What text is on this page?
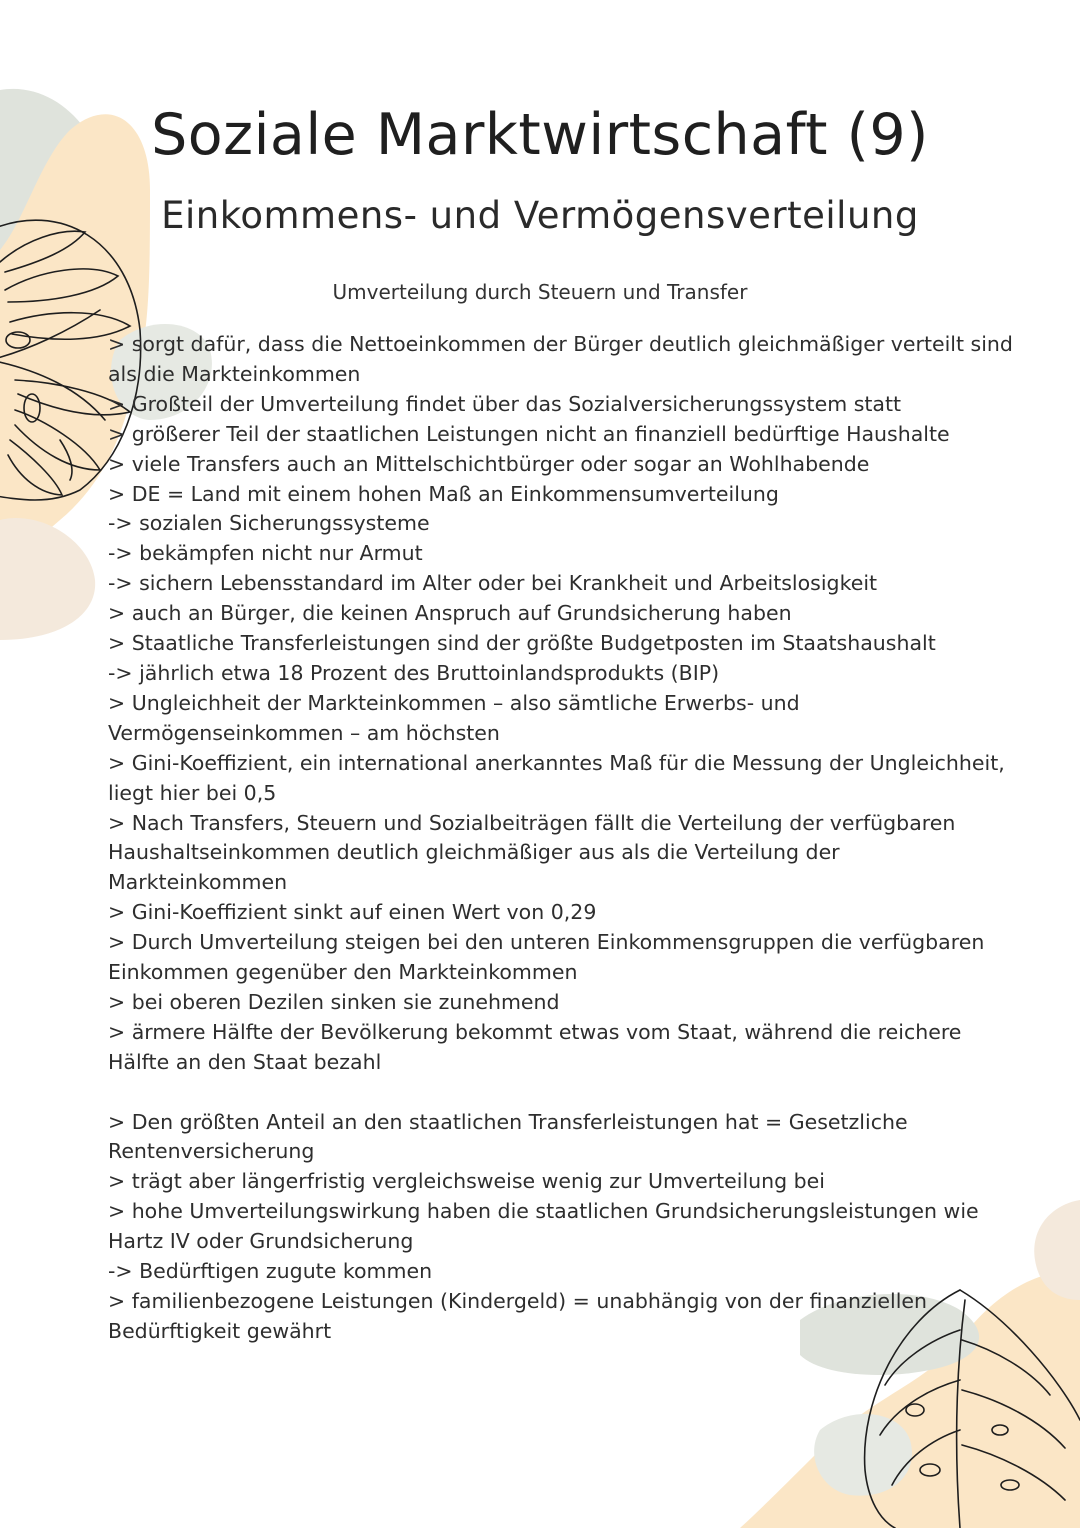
Soziale Marktwirtschaft (9)
Einkommens- und Vermögensverteilung
Umverteilung durch Steuern und Transfer
> sorgt dafür, dass die Nettoeinkommen der Bürger deutlich gleichmäßiger verteilt sind
als die Markteinkommen
> Großteil der Umverteilung findet über das Sozialversicherungssystem statt
> größerer Teil der staatlichen Leistungen nicht an finanziell bedürftige Haushalte
> viele Transfers auch an Mittelschichtbürger oder sogar an Wohlhabende
> DE = Land mit einem hohen Maß an Einkommensumverteilung
-> sozialen Sicherungssysteme
-> bekämpfen nicht nur Armut
-> sichern Lebensstandard im Alter oder bei Krankheit und Arbeitslosigkeit
> auch an Bürger, die keinen Anspruch auf Grundsicherung haben
> Staatliche Transferleistungen sind der größte Budgetposten im Staatshaushalt
-> jährlich etwa 18 Prozent des Bruttoinlandsprodukts (BIP)
> Ungleichheit der Markteinkommen – also sämtliche Erwerbs- und
Vermögenseinkommen – am höchsten
> Gini-Koeffizient, ein international anerkanntes Maß für die Messung der Ungleichheit,
liegt hier bei 0,5
> Nach Transfers, Steuern und Sozialbeiträgen fällt die Verteilung der verfügbaren
Haushaltseinkommen deutlich gleichmäßiger aus als die Verteilung der
Markteinkommen
> Gini-Koeffizient sinkt auf einen Wert von 0,29
> Durch Umverteilung steigen bei den unteren Einkommensgruppen die verfügbaren
Einkommen gegenüber den Markteinkommen
> bei oberen Dezilen sinken sie zunehmend
> ärmere Hälfte der Bevölkerung bekommt etwas vom Staat, während die reichere
Hälfte an den Staat bezahl
> Den größten Anteil an den staatlichen Transferleistungen hat = Gesetzliche
Rentenversicherung
> trägt aber längerfristig vergleichsweise wenig zur Umverteilung bei
> hohe Umverteilungswirkung haben die staatlichen Grundsicherungsleistungen wie
Hartz IV oder Grundsicherung
-> Bedürftigen zugute kommen
> familienbezogene Leistungen (Kindergeld) = unabhängig von der finanziellen
Bedürftigkeit gewährt
